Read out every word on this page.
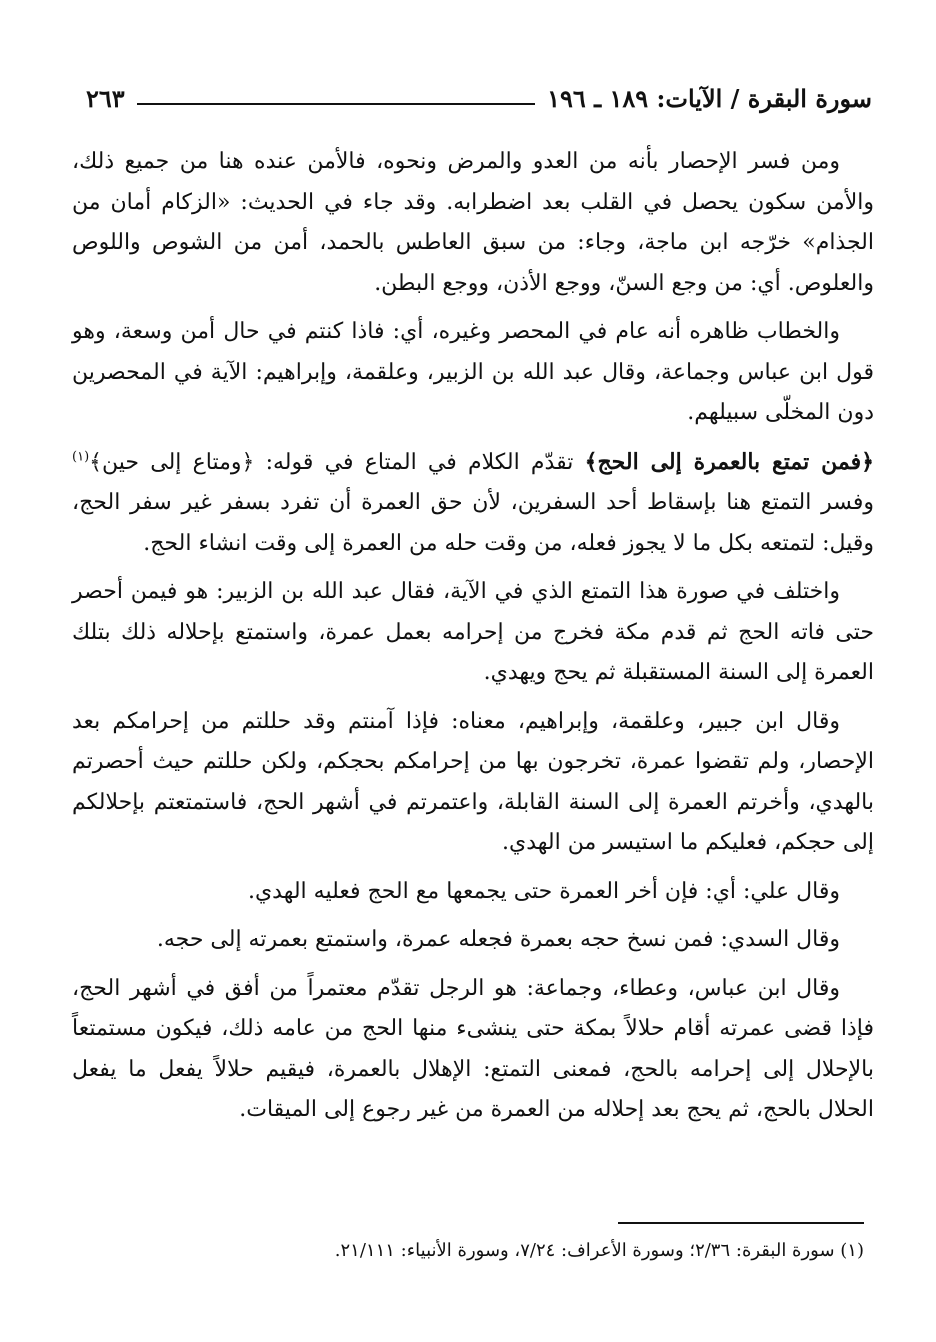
سورة البقرة / الآيات: ١٨٩ ـ ١٩٦
٢٦٣

ومن فسر الإحصار بأنه من العدو والمرض ونحوه، فالأمن عنده هنا من جميع ذلك، والأمن سكون يحصل في القلب بعد اضطرابه. وقد جاء في الحديث: «الزكام أمان من الجذام» خرّجه ابن ماجة، وجاء: من سبق العاطس بالحمد، أمن من الشوص واللوص والعلوص. أي: من وجع السنّ، ووجع الأذن، ووجع البطن.

والخطاب ظاهره أنه عام في المحصر وغيره، أي: فاذا كنتم في حال أمن وسعة، وهو قول ابن عباس وجماعة، وقال عبد الله بن الزبير، وعلقمة، وإبراهيم: الآية في المحصرين دون المخلّى سبيلهم.

﴿فمن تمتع بالعمرة إلى الحج﴾ تقدّم الكلام في المتاع في قوله: ﴿ومتاع إلى حين﴾$^{(١)}$ وفسر التمتع هنا بإسقاط أحد السفرين، لأن حق العمرة أن تفرد بسفر غير سفر الحج، وقيل: لتمتعه بكل ما لا يجوز فعله، من وقت حله من العمرة إلى وقت انشاء الحج.

واختلف في صورة هذا التمتع الذي في الآية، فقال عبد الله بن الزبير: هو فيمن أحصر حتى فاته الحج ثم قدم مكة فخرج من إحرامه بعمل عمرة، واستمتع بإحلاله ذلك بتلك العمرة إلى السنة المستقبلة ثم يحج ويهدي.

وقال ابن جبير، وعلقمة، وإبراهيم، معناه: فإذا آمنتم وقد حللتم من إحرامكم بعد الإحصار، ولم تقضوا عمرة، تخرجون بها من إحرامكم بحجكم، ولكن حللتم حيث أحصرتم بالهدي، وأخرتم العمرة إلى السنة القابلة، واعتمرتم في أشهر الحج، فاستمتعتم بإحلالكم إلى حجكم، فعليكم ما استيسر من الهدي.

وقال علي: أي: فإن أخر العمرة حتى يجمعها مع الحج فعليه الهدي.

وقال السدي: فمن نسخ حجه بعمرة فجعله عمرة، واستمتع بعمرته إلى حجه.

وقال ابن عباس، وعطاء، وجماعة: هو الرجل تقدّم معتمراً من أفق في أشهر الحج، فإذا قضى عمرته أقام حلالاً بمكة حتى ينشىء منها الحج من عامه ذلك، فيكون مستمتعاً بالإحلال إلى إحرامه بالحج، فمعنى التمتع: الإهلال بالعمرة، فيقيم حلالاً يفعل ما يفعل الحلال بالحج، ثم يحج بعد إحلاله من العمرة من غير رجوع إلى الميقات.

(١) سورة البقرة: ٢/٣٦؛ وسورة الأعراف: ٧/٢٤، وسورة الأنبياء: ٢١/١١١.
